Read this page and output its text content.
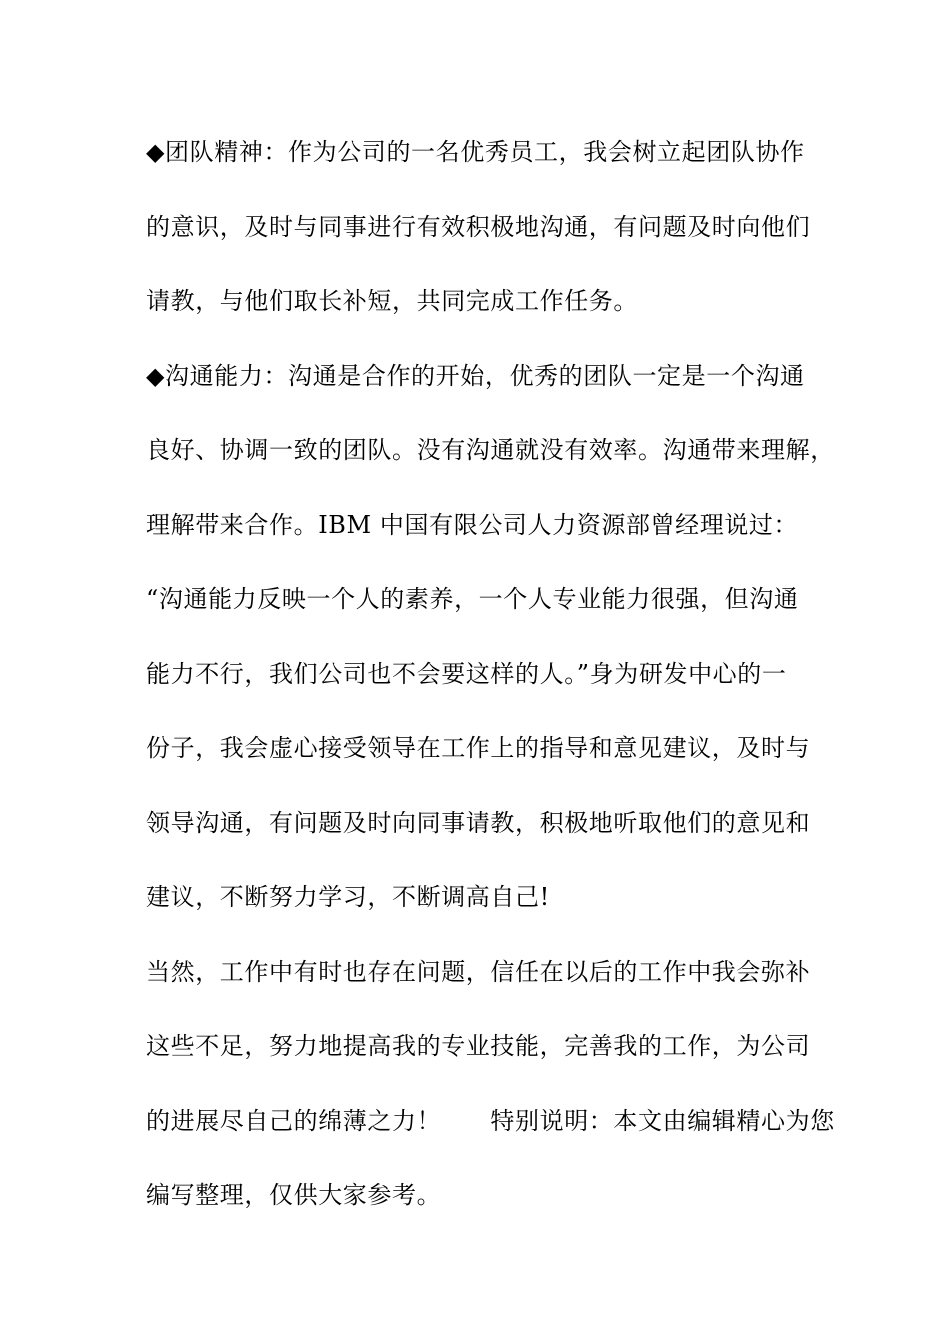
◆团队精神：作为公司的一名优秀员工，我会树立起团队协作
的意识，及时与同事进行有效积极地沟通，有问题及时向他们
请教，与他们取长补短，共同完成工作任务。
◆沟通能力：沟通是合作的开始，优秀的团队一定是一个沟通
良好、协调一致的团队。没有沟通就没有效率。沟通带来理解，
理解带来合作。IBM 中国有限公司人力资源部曾经理说过：
“沟通能力反映一个人的素养，一个人专业能力很强，但沟通
能力不行，我们公司也不会要这样的人。”身为研发中心的一
份子，我会虚心接受领导在工作上的指导和意见建议，及时与
领导沟通，有问题及时向同事请教，积极地听取他们的意见和
建议，不断努力学习，不断调高自己!
当然，工作中有时也存在问题，信任在以后的工作中我会弥补
这些不足，努力地提高我的专业技能，完善我的工作，为公司
的进展尽自己的绵薄之力！　　特别说明：本文由编辑精心为您
编写整理，仅供大家参考。
